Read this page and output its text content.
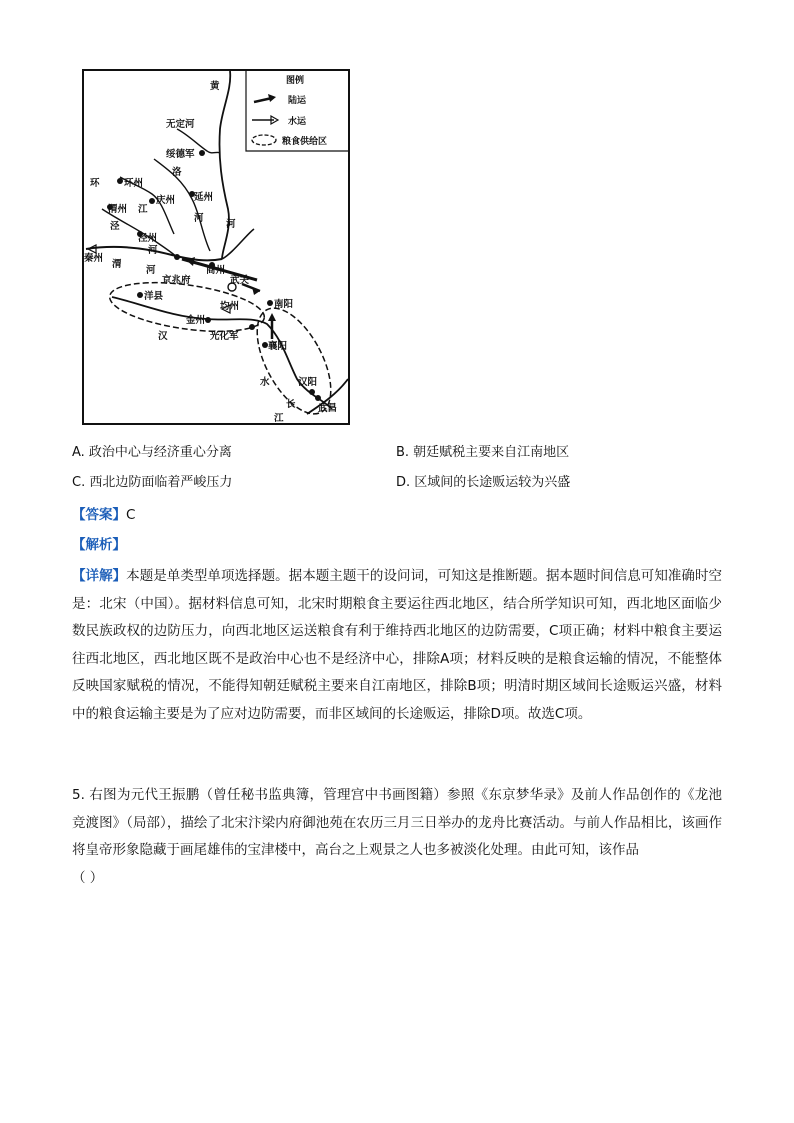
图例
陆运
水运
粮食供给区
黄
河
无定河
绥德军
洛
环	环州
庆州 延州
渭州 江
河
泾
泾州
河
秦州
渭
河
京兆府
商州
武关
洋县
均州	南阳
金州
汉	光化军
襄阳
水	汉阳
长 武昌
江
A. 政治中心与经济重心分离	B. 朝廷赋税主要来自江南地区
C. 西北边防面临着严峻压力	D. 区域间的长途贩运较为兴盛
【答案】C
【解析】
【详解】本题是单类型单项选择题。据本题主题干的设问词，可知这是推断题。据本题时间信息可知准确时空是：北宋（中国）。据材料信息可知，北宋时期粮食主要运往西北地区，结合所学知识可知，西北地区面临少数民族政权的边防压力，向西北地区运送粮食有利于维持西北地区的边防需要，C项正确；材料中粮食主要运往西北地区，西北地区既不是政治中心也不是经济中心，排除A项；材料反映的是粮食运输的情况，不能整体反映国家赋税的情况，不能得知朝廷赋税主要来自江南地区，排除B项；明清时期区域间长途贩运兴盛，材料中的粮食运输主要是为了应对边防需要，而非区域间的长途贩运，排除D项。故选C项。
5. 右图为元代王振鹏（曾任秘书监典簿，管理宫中书画图籍）参照《东京梦华录》及前人作品创作的《龙池竞渡图》（局部），描绘了北宋汴梁内府御池苑在农历三月三日举办的龙舟比赛活动。与前人作品相比，该画作将皇帝形象隐藏于画尾雄伟的宝津楼中，高台之上观景之人也多被淡化处理。由此可知，该作品
（ ）
